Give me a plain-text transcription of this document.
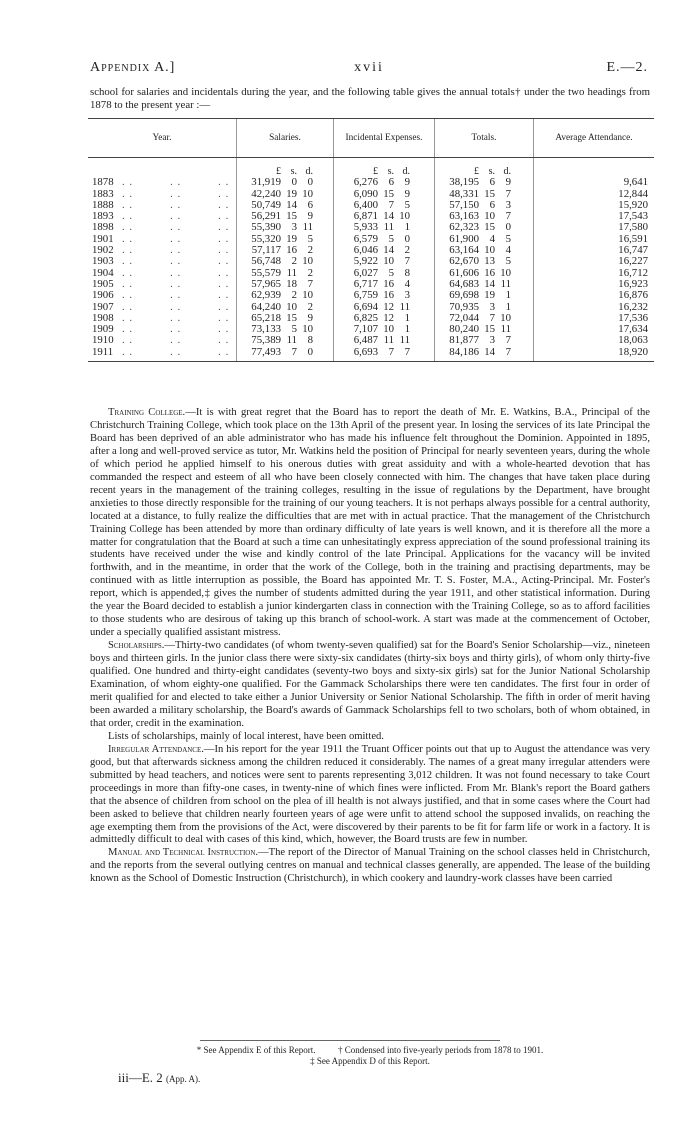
Appendix A.]	xvii	E.—2.
school for salaries and incidentals during the year, and the following table gives the annual totals† under the two headings from 1878 to the present year :—
Year.	Salaries.	Incidental Expenses.	Totals.	Average Attendance.
	£ s. d.	£ s. d.	£ s. d.	
1878 . .          . .          . .	31,919 0 0	6,276 6 9	38,195 6 9	9,641
1883 . .          . .          . .	42,240 19 10	6,090 15 9	48,331 15 7	12,844
1888 . .          . .          . .	50,749 14 6	6,400 7 5	57,150 6 3	15,920
1893 . .          . .          . .	56,291 15 9	6,871 14 10	63,163 10 7	17,543
1898 . .          . .          . .	55,390 3 11	5,933 11 1	62,323 15 0	17,580
1901 . .          . .          . .	55,320 19 5	6,579 5 0	61,900 4 5	16,591
1902 . .          . .          . .	57,117 16 2	6,046 14 2	63,164 10 4	16,747
1903 . .          . .          . .	56,748 2 10	5,922 10 7	62,670 13 5	16,227
1904 . .          . .          . .	55,579 11 2	6,027 5 8	61,606 16 10	16,712
1905 . .          . .          . .	57,965 18 7	6,717 16 4	64,683 14 11	16,923
1906 . .          . .          . .	62,939 2 10	6,759 16 3	69,698 19 1	16,876
1907 . .          . .          . .	64,240 10 2	6,694 12 11	70,935 3 1	16,232
1908 . .          . .          . .	65,218 15 9	6,825 12 1	72,044 7 10	17,536
1909 . .          . .          . .	73,133 5 10	7,107 10 1	80,240 15 11	17,634
1910 . .          . .          . .	75,389 11 8	6,487 11 11	81,877 3 7	18,063
1911 . .          . .          . .	77,493 7 0	6,693 7 7	84,186 14 7	18,920

Training College.—It is with great regret that the Board has to report the death of Mr. E. Watkins, B.A., Principal of the Christchurch Training College, which took place on the 13th April of the present year. In losing the services of its late Principal the Board has been deprived of an able administrator who has made his influence felt throughout the Dominion. Appointed in 1895, after a long and well-proved service as tutor, Mr. Watkins held the position of Principal for nearly seventeen years, during the whole of which period he applied himself to his onerous duties with great assiduity and with a whole-hearted devotion that has commanded the respect and esteem of all who have been closely connected with him. The changes that have taken place during recent years in the management of the training colleges, resulting in the issue of regulations by the Department, have brought anxieties to those directly responsible for the training of our young teachers. It is not perhaps always possible for a central authority, located at a distance, to fully realize the difficulties that are met with in actual practice. That the management of the Christchurch Training College has been attended by more than ordinary difficulty of late years is well known, and it is therefore all the more a matter for congratulation that the Board at such a time can unhesitatingly express appreciation of the sound professional training its students have received under the wise and kindly control of the late Principal. Applications for the vacancy will be invited forthwith, and in the meantime, in order that the work of the College, both in the training and practising departments, may be continued with as little interruption as possible, the Board has appointed Mr. T. S. Foster, M.A., Acting-Principal. Mr. Foster's report, which is appended,‡ gives the number of students admitted during the year 1911, and other statistical information. During the year the Board decided to establish a junior kindergarten class in connection with the Training College, so as to afford facilities to those students who are desirous of taking up this branch of school-work. A start was made at the commencement of October, under a specially qualified assistant mistress.

Scholarships.—Thirty-two candidates (of whom twenty-seven qualified) sat for the Board's Senior Scholarship—viz., nineteen boys and thirteen girls. In the junior class there were sixty-six candidates (thirty-six boys and thirty girls), of whom only thirty-five qualified. One hundred and thirty-eight candidates (seventy-two boys and sixty-six girls) sat for the Junior National Scholarship Examination, of whom eighty-one qualified. For the Gammack Scholarships there were ten candidates. The first four in order of merit qualified for and elected to take either a Junior University or Senior National Scholarship. The fifth in order of merit having been awarded a military scholarship, the Board's awards of Gammack Scholarships fell to two scholars, both of whom obtained, in that order, credit in the examination.

Lists of scholarships, mainly of local interest, have been omitted.

Irregular Attendance.—In his report for the year 1911 the Truant Officer points out that up to August the attendance was very good, but that afterwards sickness among the children reduced it considerably. The names of a great many irregular attenders were submitted by head teachers, and notices were sent to parents representing 3,012 children. It was not found necessary to take Court proceedings in more than fifty-one cases, in twenty-nine of which fines were inflicted. From Mr. Blank's report the Board gathers that the absence of children from school on the plea of ill health is not always justified, and that in some cases where the Court had been asked to believe that children nearly fourteen years of age were unfit to attend school the supposed invalids, on reaching the age exempting them from the provisions of the Act, were discovered by their parents to be fit for farm life or work in a factory. It is admittedly difficult to deal with cases of this kind, which, however, the Board trusts are few in number.

Manual and Technical Instruction.—The report of the Director of Manual Training on the school classes held in Christchurch, and the reports from the several outlying centres on manual and technical classes generally, are appended. The lease of the building known as the School of Domestic Instruction (Christchurch), in which cookery and laundry-work classes have been carried

* See Appendix E of this Report.          † Condensed into five-yearly periods from 1878 to 1901.
‡ See Appendix D of this Report.
iii—E. 2 (App. A).
